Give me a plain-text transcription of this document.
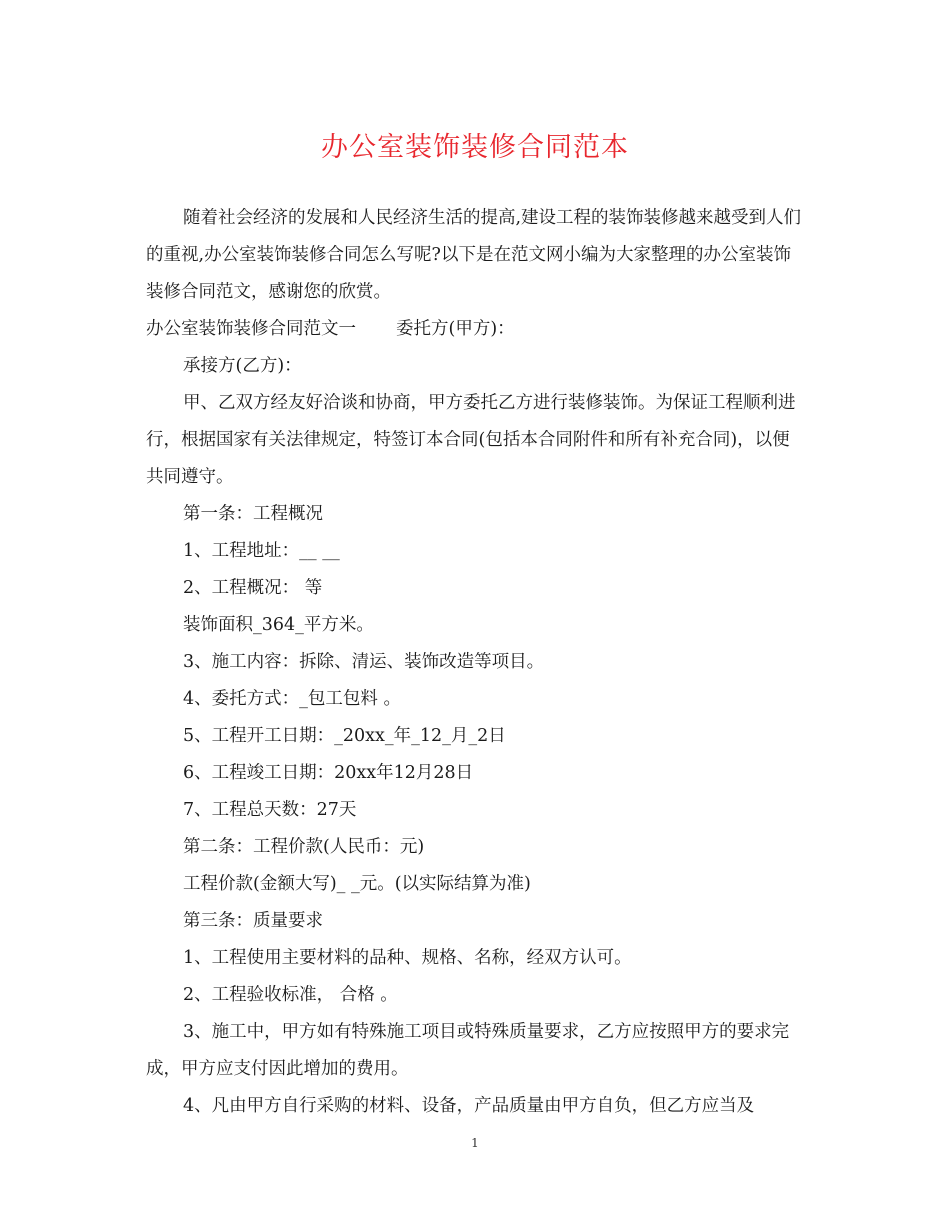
办公室装饰装修合同范本
随着社会经济的发展和人民经济生活的提高,建设工程的装饰装修越来越受到人们的重视,办公室装饰装修合同怎么写呢?以下是在范文网小编为大家整理的办公室装饰装修合同范文，感谢您的欣赏。
办公室装饰装修合同范文一 委托方(甲方)：
承接方(乙方)：
甲、乙双方经友好洽谈和协商，甲方委托乙方进行装修装饰。为保证工程顺利进行，根据国家有关法律规定，特签订本合同(包括本合同附件和所有补充合同)，以便共同遵守。
第一条：工程概况
1、工程地址：__ __
2、工程概况： 等
装饰面积_364_平方米。
3、施工内容：拆除、清运、装饰改造等项目。
4、委托方式：_包工包料 。
5、工程开工日期：_20xx_年_12_月_2日
6、工程竣工日期：20xx年12月28日
7、工程总天数：27天
第二条：工程价款(人民币：元)
工程价款(金额大写)_ _元。(以实际结算为准)
第三条：质量要求
1、工程使用主要材料的品种、规格、名称，经双方认可。
2、工程验收标准， 合格 。
3、施工中，甲方如有特殊施工项目或特殊质量要求，乙方应按照甲方的要求完成，甲方应支付因此增加的费用。
4、凡由甲方自行采购的材料、设备，产品质量由甲方自负，但乙方应当及
1
